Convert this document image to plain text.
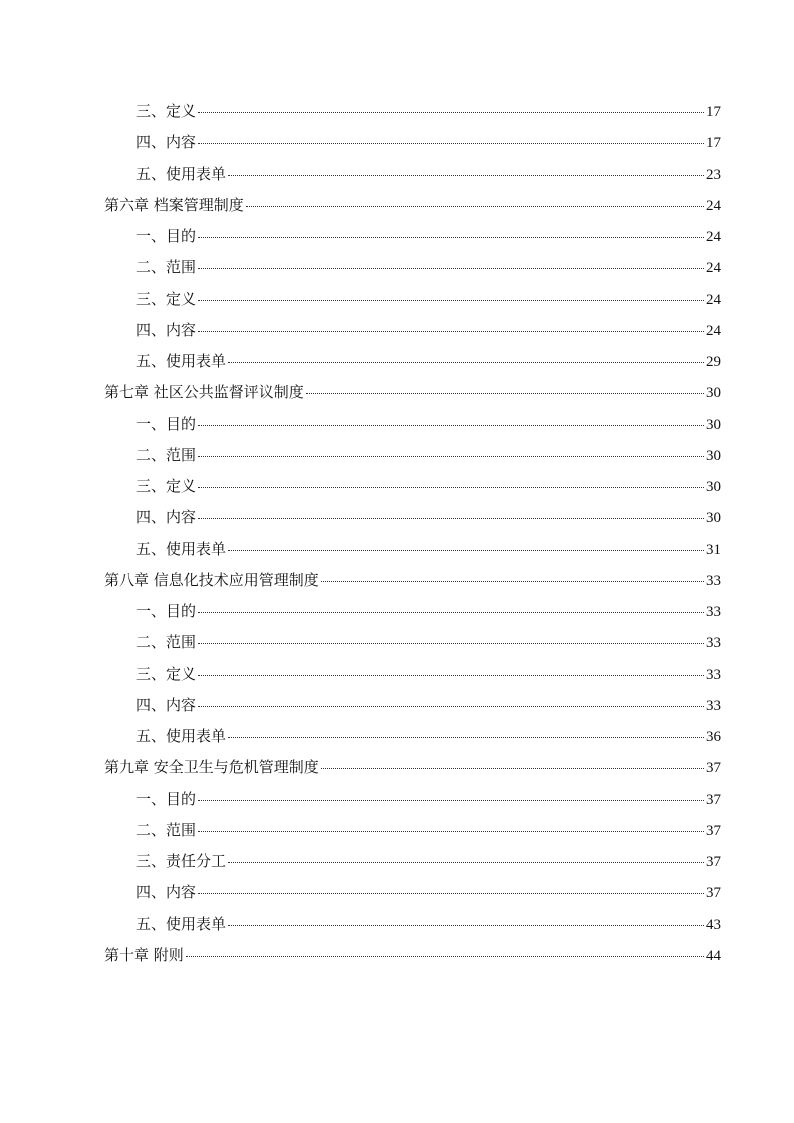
三、定义	17
四、内容	17
五、使用表单	23
第六章 档案管理制度	24
一、目的	24
二、范围	24
三、定义	24
四、内容	24
五、使用表单	29
第七章 社区公共监督评议制度	30
一、目的	30
二、范围	30
三、定义	30
四、内容	30
五、使用表单	31
第八章 信息化技术应用管理制度	33
一、目的	33
二、范围	33
三、定义	33
四、内容	33
五、使用表单	36
第九章 安全卫生与危机管理制度	37
一、目的	37
二、范围	37
三、责任分工	37
四、内容	37
五、使用表单	43
第十章 附则	44
